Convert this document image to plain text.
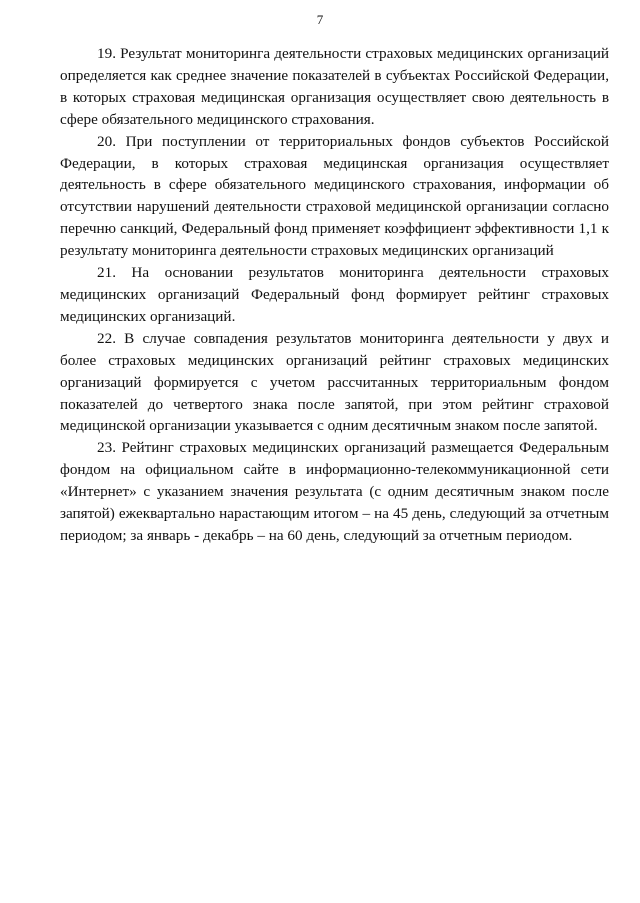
7

19. Результат мониторинга деятельности страховых медицинских организаций определяется как среднее значение показателей в субъектах Российской Федерации, в которых страховая медицинская организация осуществляет свою деятельность в сфере обязательного медицинского страхования.

20. При поступлении от территориальных фондов субъектов Российской Федерации, в которых страховая медицинская организация осуществляет деятельность в сфере обязательного медицинского страхования, информации об отсутствии нарушений деятельности страховой медицинской организации согласно перечню санкций, Федеральный фонд применяет коэффициент эффективности 1,1 к результату мониторинга деятельности страховых медицинских организаций

21. На основании результатов мониторинга деятельности страховых медицинских организаций Федеральный фонд формирует рейтинг страховых медицинских организаций.

22. В случае совпадения результатов мониторинга деятельности у двух и более страховых медицинских организаций рейтинг страховых медицинских организаций формируется с учетом рассчитанных территориальным фондом показателей до четвертого знака после запятой, при этом рейтинг страховой медицинской организации указывается с одним десятичным знаком после запятой.

23. Рейтинг страховых медицинских организаций размещается Федеральным фондом на официальном сайте в информационно-телекоммуникационной сети «Интернет» с указанием значения результата (с одним десятичным знаком после запятой) ежеквартально нарастающим итогом – на 45 день, следующий за отчетным периодом; за январь - декабрь – на 60 день, следующий за отчетным периодом.
